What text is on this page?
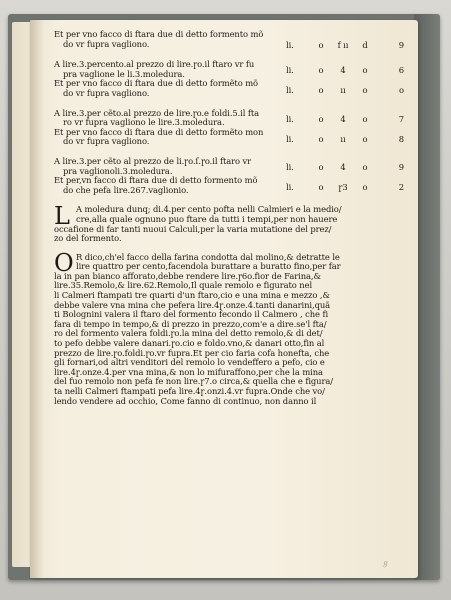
Et per vno facco di ftara due di detto formento mõ
do vr fupra vagliono.	li.	o f ıı d	9
A lire.3.percento.al prezzo di lire.ɼo.il ftaro vr fu
pra vaglione le li.3.moledura.
Et per vno facco di ftara due di detto formẽto mõ
do vr fupra vagliono.
li.	o 4 o	6
li.	o ıı o	o
A lire.3.per cẽto.al prezzo de lire.ɼo.e foldi.5.il fta
ro vr fupra vagliono le lire.3.moledura.
Et per vno facco di ftara due di detto formẽto mon
do vr fupra vagliono.
li.	o 4 o	7
li.	o ıı o	8
A lire.3.per cẽto al prezzo de li.ɼo.ſ.ɼo.il ftaro vr
pra vaglionoli.3.moledura.
Et per,vn facco di ftara due di detto formento mõ
do che pefa lire.267.vaglionio.
li.	o 4 o	9
li.	o ɼ3 o	2
L A moledura dunq; di.4.per cento pofta nelli Calmieri e la medio/
cre,alla quale ognuno puo ftare da tutti i tempi,per non hauere
occafione di far tanti nuoui Calculi,per la varia mutatione del prez/
zo del formento.
O R dico,ch'el facco della farina condotta dal molino,& detratte le
lire quattro per cento,facendola burattare a buratto fino,per far
la in pan bianco afforato,debbe rendere lire.ɼ6o.fior de Farina,&
lire.35.Remolo,& lire.62.Remolo,Il quale remolo e figurato nel
li Calmeri ftampati tre quarti d'un ftaro,cio e una mina e mezzo ,&
debbe valere vna mina che pefera lire.4ɼ.onze.4.tanti danarini,quã
ti Bolognini valera il ftaro del formento fecondo il Calmero , che fi
fara di tempo in tempo,& di prezzo in prezzo,com'e a dire.se'l fta/
ro del formento valera foldi.ɼo.la mina del detto remolo,& di det/
to pefo debbe valere danari.ɼo.cio e foldo.vno,& danari otto,fin al
prezzo de lire.ɼo.foldi.ɼo.vr fupra.Et per cio faria cofa honefta, che
gli fornari,od altri venditori del remolo lo vendeffero a pefo, cio e
lire.4ɼ.onze.4.per vna mina,& non lo mifuraffono,per che la mina
del fuo remolo non pefa fe non lire.ɼ7.o circa,& quella che e figura/
ta nelli Calmeri ftampati pefa lire.4ɼ.onzi.4.vr fupra.Onde che vo/
lendo vendere ad occhio, Come fanno di continuo, non danno il
ℊ
